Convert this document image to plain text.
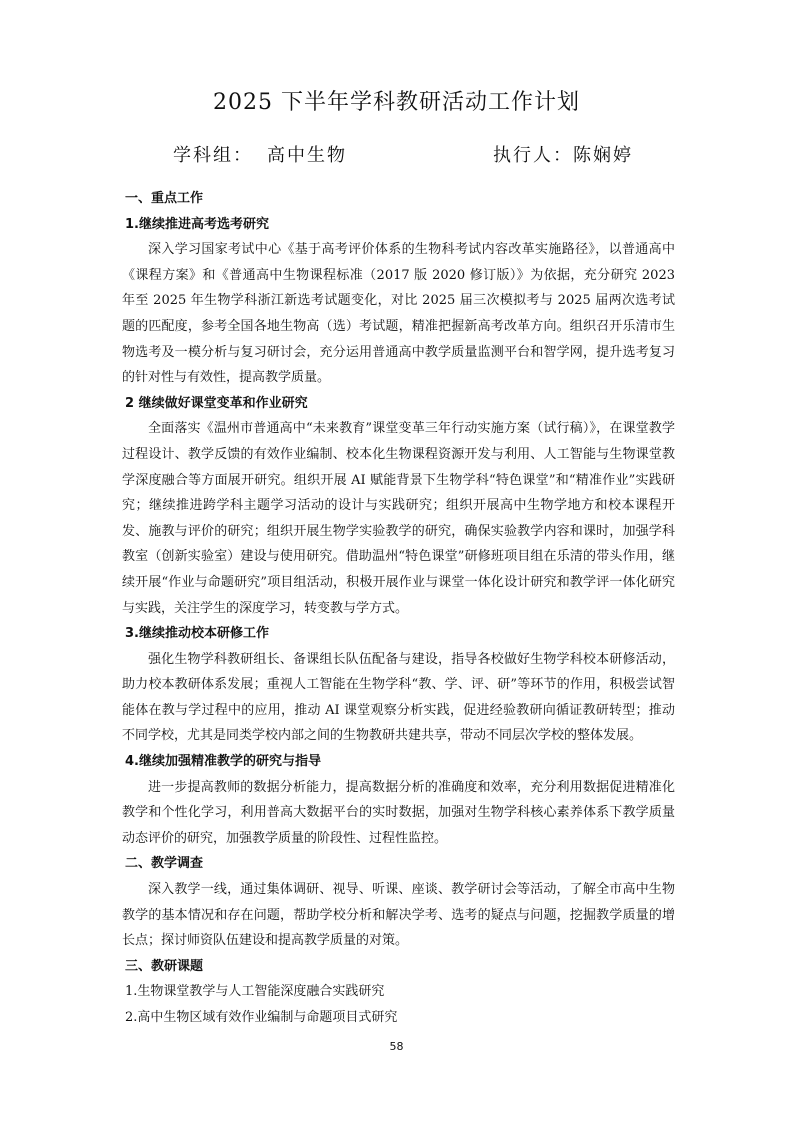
2025 下半年学科教研活动工作计划
学科组： 高中生物	执行人：陈娴婷

一、重点工作

1.继续推进高考选考研究

深入学习国家考试中心《基于高考评价体系的生物科考试内容改革实施路径》，以普通高中《课程方案》和《普通高中生物课程标准（2017 版 2020 修订版）》为依据，充分研究 2023 年至 2025 年生物学科浙江新选考试题变化，对比 2025 届三次模拟考与 2025 届两次选考试题的匹配度，参考全国各地生物高（选）考试题，精准把握新高考改革方向。组织召开乐清市生物选考及一模分析与复习研讨会，充分运用普通高中教学质量监测平台和智学网，提升选考复习的针对性与有效性，提高教学质量。

2 继续做好课堂变革和作业研究

全面落实《温州市普通高中“未来教育”课堂变革三年行动实施方案（试行稿）》，在课堂教学过程设计、教学反馈的有效作业编制、校本化生物课程资源开发与利用、人工智能与生物课堂教学深度融合等方面展开研究。组织开展 AI 赋能背景下生物学科“特色课堂”和“精准作业”实践研究；继续推进跨学科主题学习活动的设计与实践研究；组织开展高中生物学地方和校本课程开发、施教与评价的研究；组织开展生物学实验教学的研究，确保实验教学内容和课时，加强学科教室（创新实验室）建设与使用研究。借助温州“特色课堂”研修班项目组在乐清的带头作用，继续开展“作业与命题研究”项目组活动，积极开展作业与课堂一体化设计研究和教学评一体化研究与实践，关注学生的深度学习，转变教与学方式。

3.继续推动校本研修工作

强化生物学科教研组长、备课组长队伍配备与建设，指导各校做好生物学科校本研修活动，助力校本教研体系发展；重视人工智能在生物学科“教、学、评、研”等环节的作用，积极尝试智能体在教与学过程中的应用，推动 AI 课堂观察分析实践，促进经验教研向循证教研转型；推动不同学校，尤其是同类学校内部之间的生物教研共建共享，带动不同层次学校的整体发展。

4.继续加强精准教学的研究与指导

进一步提高教师的数据分析能力，提高数据分析的准确度和效率，充分利用数据促进精准化教学和个性化学习，利用普高大数据平台的实时数据，加强对生物学科核心素养体系下教学质量动态评价的研究，加强教学质量的阶段性、过程性监控。

二、教学调查

深入教学一线，通过集体调研、视导、听课、座谈、教学研讨会等活动，了解全市高中生物教学的基本情况和存在问题，帮助学校分析和解决学考、选考的疑点与问题，挖掘教学质量的增长点；探讨师资队伍建设和提高教学质量的对策。

三、教研课题

1.生物课堂教学与人工智能深度融合实践研究

2.高中生物区域有效作业编制与命题项目式研究

58
